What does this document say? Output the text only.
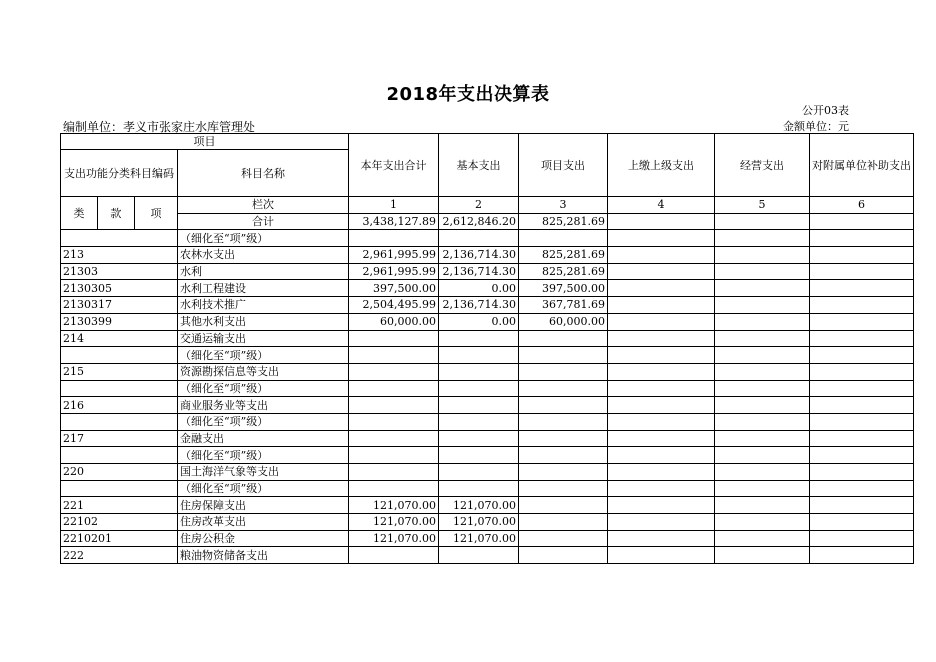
2018年支出决算表
公开03表
编制单位：孝义市张家庄水库管理处	金额单位：元
项目				本年支出合计	基本支出	项目支出	上缴上级支出	经营支出	对附属单位补助支出
支出功能分类科目编码			科目名称						
类	款	项	栏次	1	2	3	4	5	6
			合计	3,438,127.89	2,612,846.20	825,281.69			
			（细化至“项”级）						
213			农林水支出	2,961,995.99	2,136,714.30	825,281.69			
21303			水利	2,961,995.99	2,136,714.30	825,281.69			
2130305			水利工程建设	397,500.00	0.00	397,500.00			
2130317			水利技术推广	2,504,495.99	2,136,714.30	367,781.69			
2130399			其他水利支出	60,000.00	0.00	60,000.00			
214			交通运输支出						
			（细化至“项”级）						
215			资源勘探信息等支出						
			（细化至“项”级）						
216			商业服务业等支出						
			（细化至“项”级）						
217			金融支出						
			（细化至“项”级）						
220			国土海洋气象等支出						
			（细化至“项”级）						
221			住房保障支出	121,070.00	121,070.00				
22102			住房改革支出	121,070.00	121,070.00				
2210201			住房公积金	121,070.00	121,070.00				
222			粮油物资储备支出						
